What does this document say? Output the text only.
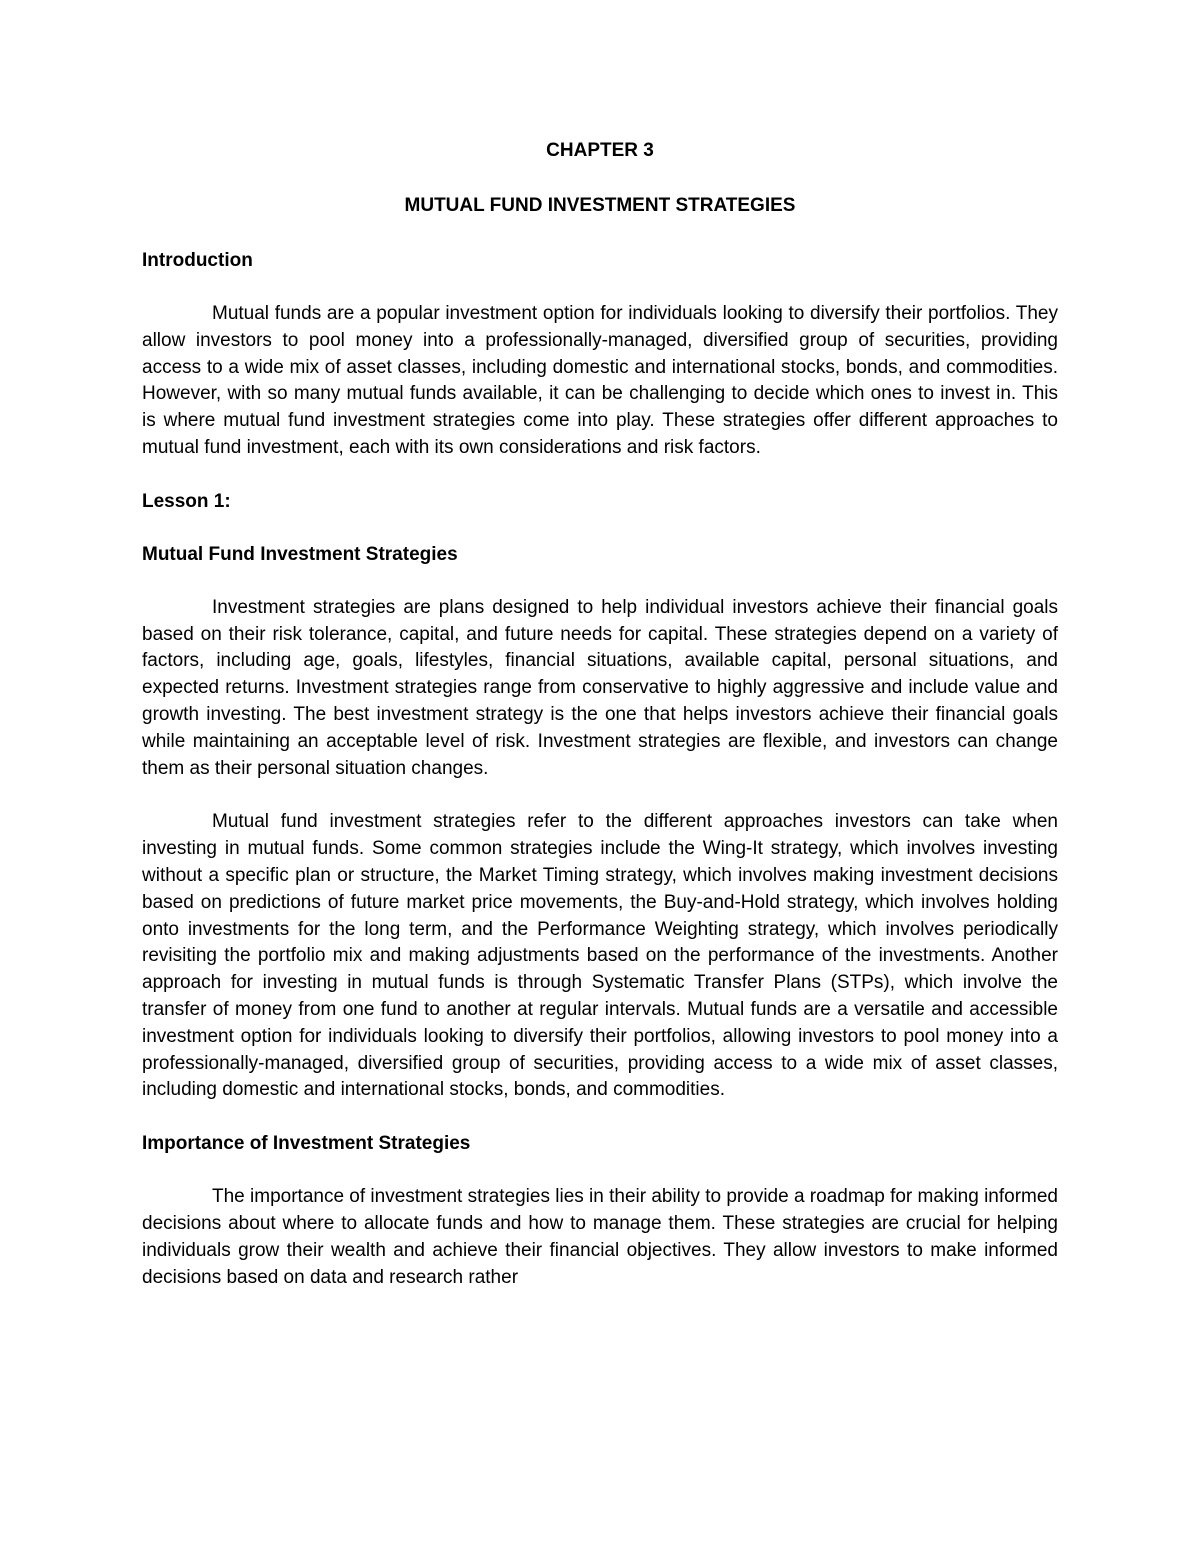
CHAPTER 3

MUTUAL FUND INVESTMENT STRATEGIES

Introduction

Mutual funds are a popular investment option for individuals looking to diversify their portfolios. They allow investors to pool money into a professionally-managed, diversified group of securities, providing access to a wide mix of asset classes, including domestic and international stocks, bonds, and commodities. However, with so many mutual funds available, it can be challenging to decide which ones to invest in. This is where mutual fund investment strategies come into play. These strategies offer different approaches to mutual fund investment, each with its own considerations and risk factors.

Lesson 1:

Mutual Fund Investment Strategies

Investment strategies are plans designed to help individual investors achieve their financial goals based on their risk tolerance, capital, and future needs for capital. These strategies depend on a variety of factors, including age, goals, lifestyles, financial situations, available capital, personal situations, and expected returns. Investment strategies range from conservative to highly aggressive and include value and growth investing. The best investment strategy is the one that helps investors achieve their financial goals while maintaining an acceptable level of risk. Investment strategies are flexible, and investors can change them as their personal situation changes.

Mutual fund investment strategies refer to the different approaches investors can take when investing in mutual funds. Some common strategies include the Wing-It strategy, which involves investing without a specific plan or structure, the Market Timing strategy, which involves making investment decisions based on predictions of future market price movements, the Buy-and-Hold strategy, which involves holding onto investments for the long term, and the Performance Weighting strategy, which involves periodically revisiting the portfolio mix and making adjustments based on the performance of the investments. Another approach for investing in mutual funds is through Systematic Transfer Plans (STPs), which involve the transfer of money from one fund to another at regular intervals. Mutual funds are a versatile and accessible investment option for individuals looking to diversify their portfolios, allowing investors to pool money into a professionally-managed, diversified group of securities, providing access to a wide mix of asset classes, including domestic and international stocks, bonds, and commodities.

Importance of Investment Strategies

The importance of investment strategies lies in their ability to provide a roadmap for making informed decisions about where to allocate funds and how to manage them. These strategies are crucial for helping individuals grow their wealth and achieve their financial objectives. They allow investors to make informed decisions based on data and research rather
